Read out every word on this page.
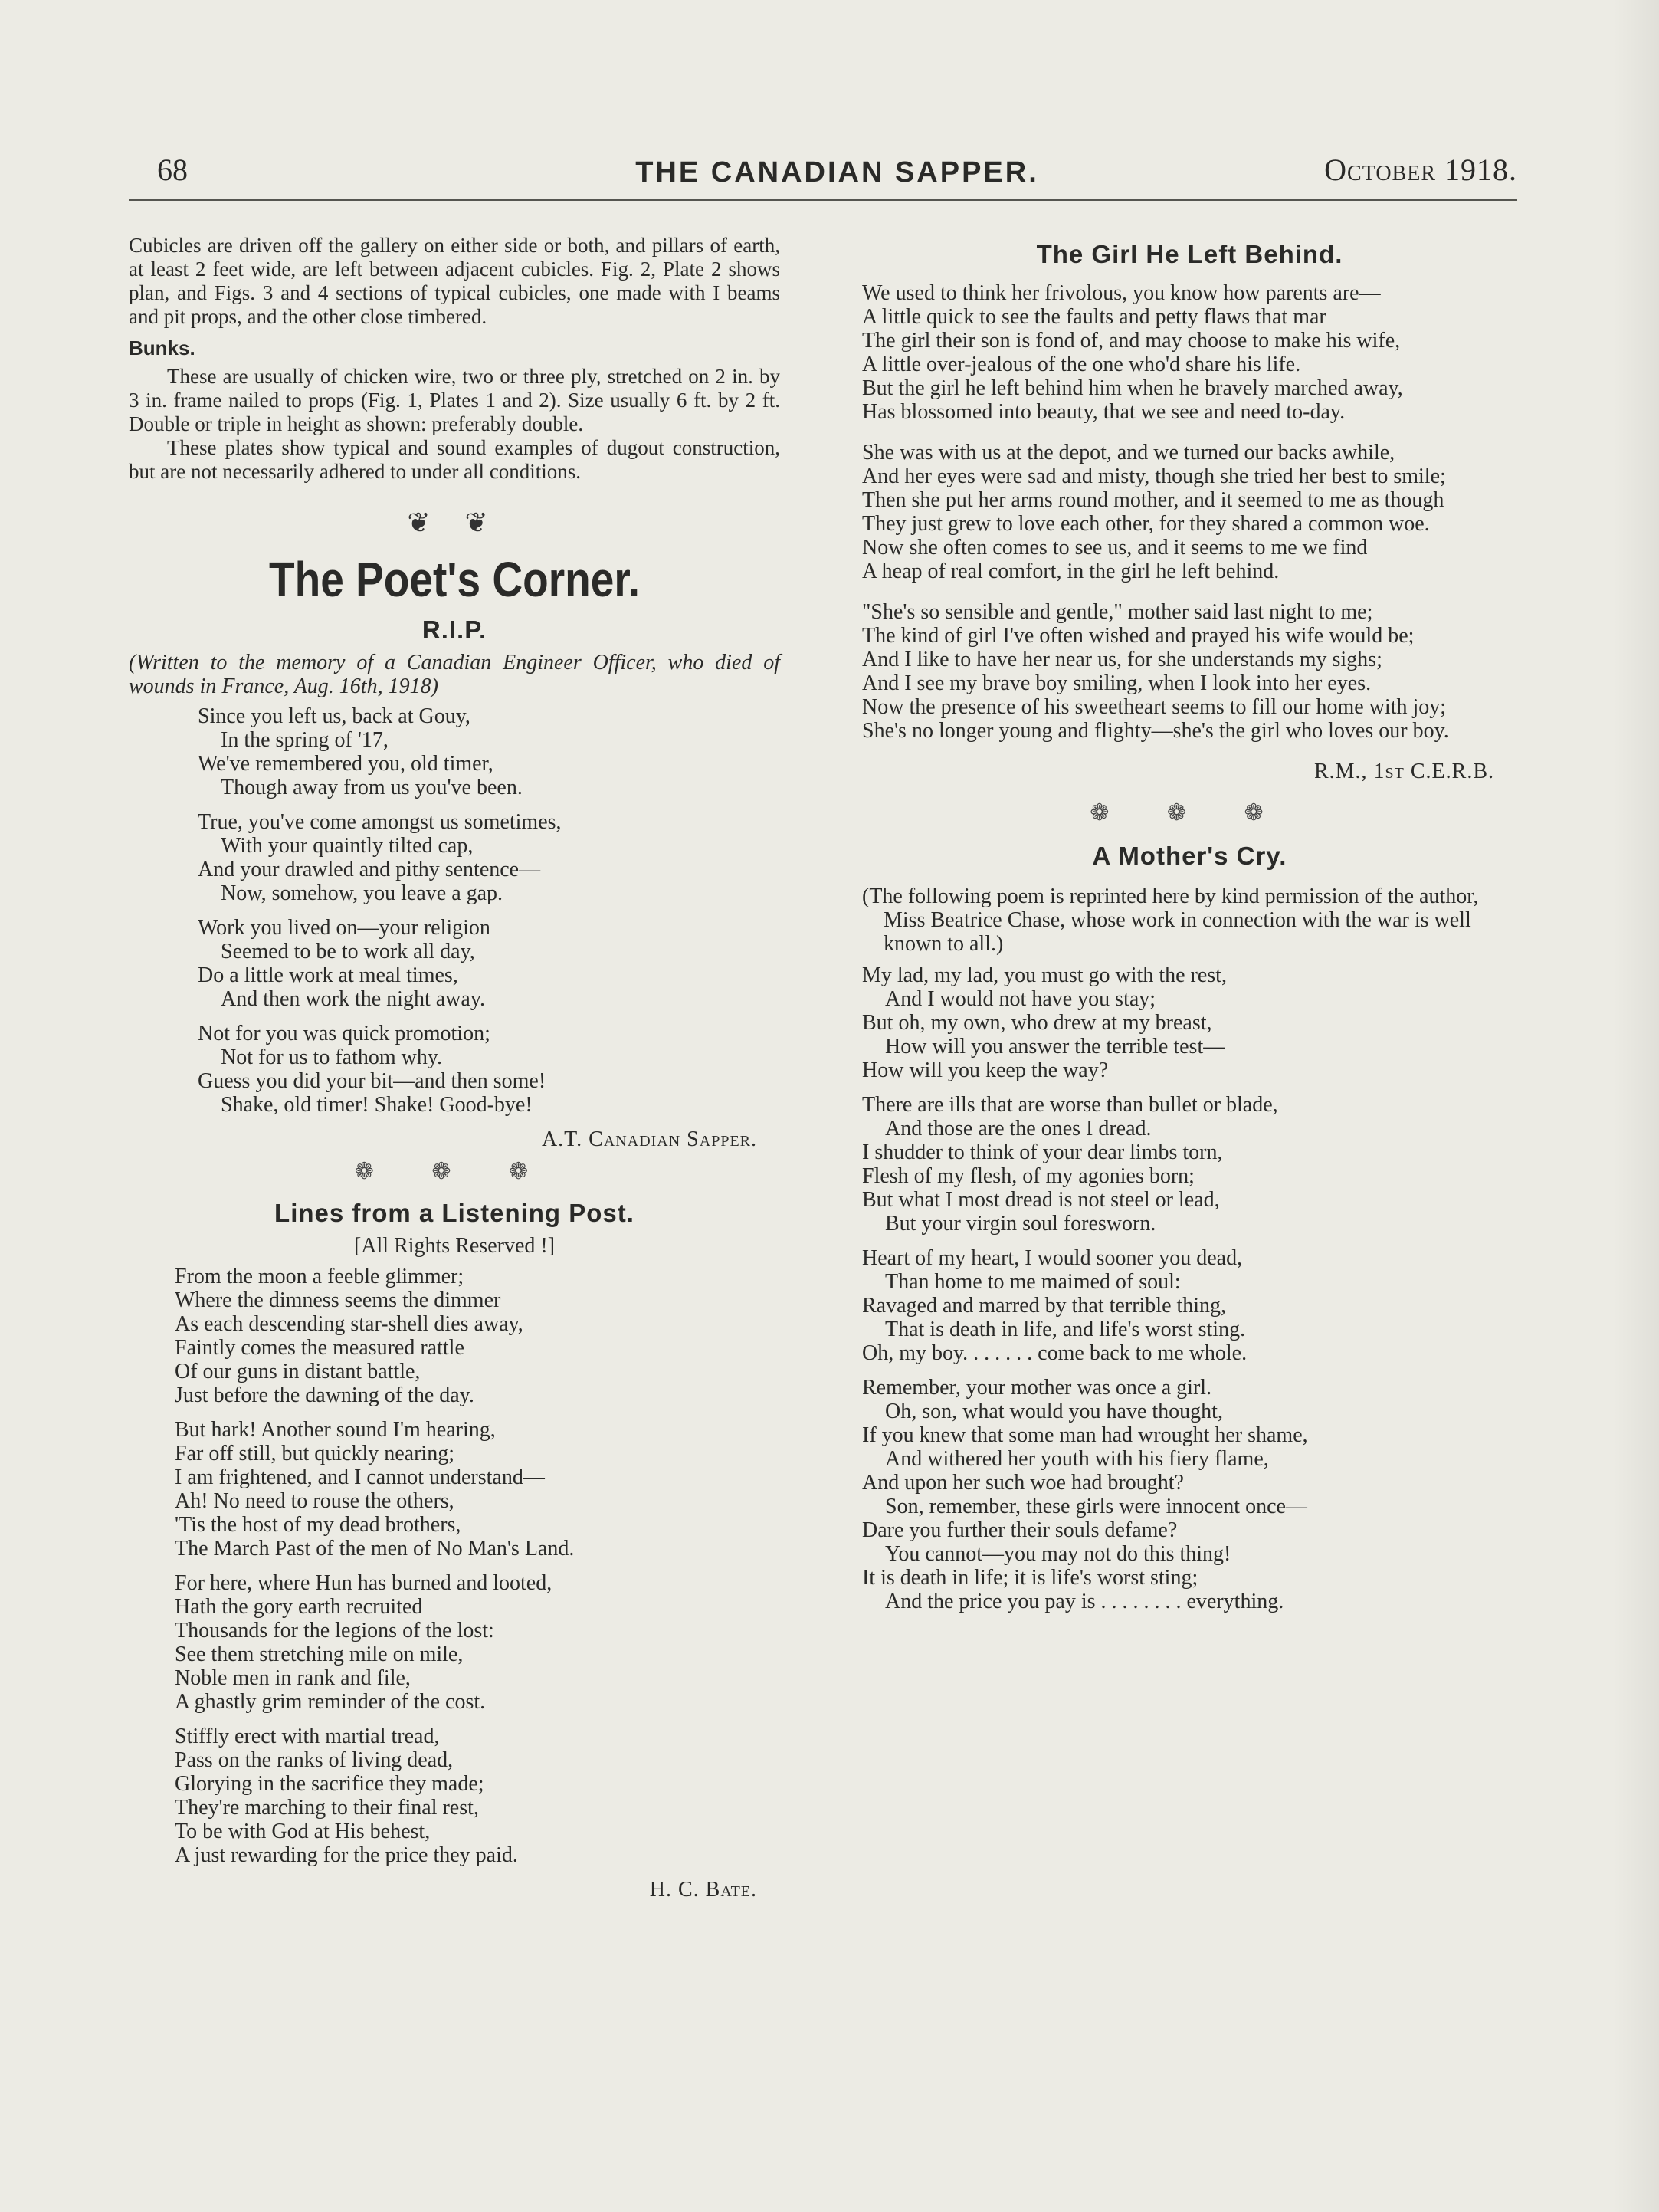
68	THE CANADIAN SAPPER.	October 1918.

Cubicles are driven off the gallery on either side or both, and pillars of earth, at least 2 feet wide, are left between adjacent cubicles. Fig. 2, Plate 2 shows plan, and Figs. 3 and 4 sections of typical cubicles, one made with I beams and pit props, and the other close timbered.

Bunks.

These are usually of chicken wire, two or three ply, stretched on 2 in. by 3 in. frame nailed to props (Fig. 1, Plates 1 and 2). Size usually 6 ft. by 2 ft. Double or triple in height as shown: preferably double.

These plates show typical and sound examples of dugout construction, but are not necessarily adhered to under all conditions.

❦ ❦
The Poet's Corner.
R.I.P.

(Written to the memory of a Canadian Engineer Officer, who died of wounds in France, Aug. 16th, 1918)

Since you left us, back at Gouy,
In the spring of '17,
We've remembered you, old timer,
Though away from us you've been.
True, you've come amongst us sometimes,
With your quaintly tilted cap,
And your drawled and pithy sentence—
Now, somehow, you leave a gap.
Work you lived on—your religion
Seemed to be to work all day,
Do a little work at meal times,
And then work the night away.
Not for you was quick promotion;
Not for us to fathom why.
Guess you did your bit—and then some!
Shake, old timer! Shake! Good-bye!
A.T. Canadian Sapper.
❁ ❁ ❁
Lines from a Listening Post.
[All Rights Reserved !]
From the moon a feeble glimmer;
Where the dimness seems the dimmer
As each descending star-shell dies away,
Faintly comes the measured rattle
Of our guns in distant battle,
Just before the dawning of the day.
But hark! Another sound I'm hearing,
Far off still, but quickly nearing;
I am frightened, and I cannot understand—
Ah! No need to rouse the others,
'Tis the host of my dead brothers,
The March Past of the men of No Man's Land.
For here, where Hun has burned and looted,
Hath the gory earth recruited
Thousands for the legions of the lost:
See them stretching mile on mile,
Noble men in rank and file,
A ghastly grim reminder of the cost.
Stiffly erect with martial tread,
Pass on the ranks of living dead,
Glorying in the sacrifice they made;
They're marching to their final rest,
To be with God at His behest,
A just rewarding for the price they paid.
H. C. Bate.
The Girl He Left Behind.
We used to think her frivolous, you know how parents are—
A little quick to see the faults and petty flaws that mar
The girl their son is fond of, and may choose to make his wife,
A little over-jealous of the one who'd share his life.
But the girl he left behind him when he bravely marched away,
Has blossomed into beauty, that we see and need to-day.
She was with us at the depot, and we turned our backs awhile,
And her eyes were sad and misty, though she tried her best to smile;
Then she put her arms round mother, and it seemed to me as though
They just grew to love each other, for they shared a common woe.
Now she often comes to see us, and it seems to me we find
A heap of real comfort, in the girl he left behind.
"She's so sensible and gentle," mother said last night to me;
The kind of girl I've often wished and prayed his wife would be;
And I like to have her near us, for she understands my sighs;
And I see my brave boy smiling, when I look into her eyes.
Now the presence of his sweetheart seems to fill our home with joy;
She's no longer young and flighty—she's the girl who loves our boy.
R.M., 1st C.E.R.B.
❁ ❁ ❁
A Mother's Cry.

(The following poem is reprinted here by kind permission of the author, Miss Beatrice Chase, whose work in connection with the war is well known to all.)

My lad, my lad, you must go with the rest,
And I would not have you stay;
But oh, my own, who drew at my breast,
How will you answer the terrible test—
How will you keep the way?
There are ills that are worse than bullet or blade,
And those are the ones I dread.
I shudder to think of your dear limbs torn,
Flesh of my flesh, of my agonies born;
But what I most dread is not steel or lead,
But your virgin soul foresworn.
Heart of my heart, I would sooner you dead,
Than home to me maimed of soul:
Ravaged and marred by that terrible thing,
That is death in life, and life's worst sting.
Oh, my boy. . . . . . . come back to me whole.
Remember, your mother was once a girl.
Oh, son, what would you have thought,
If you knew that some man had wrought her shame,
And withered her youth with his fiery flame,
And upon her such woe had brought?
Son, remember, these girls were innocent once—
Dare you further their souls defame?
You cannot—you may not do this thing!
It is death in life; it is life's worst sting;
And the price you pay is . . . . . . . . everything.
